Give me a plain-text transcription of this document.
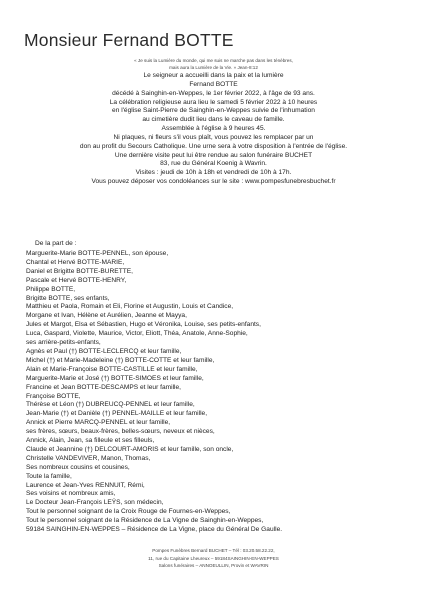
Monsieur Fernand BOTTE
« Je suis la Lumière du monde, qui me suis ne marche pas dans les ténèbres,
mais aura la Lumière de la Vie. » Jean-8:12
Le seigneur a accueilli dans la paix et la lumière
Fernand BOTTE
décédé à Sainghin-en-Weppes, le 1er février 2022, à l'âge de 93 ans.
La célébration religieuse aura lieu le samedi 5 février 2022 à 10 heures
en l'église Saint-Pierre de Sainghin-en-Weppes suivie de l'inhumation
au cimetière dudit lieu dans le caveau de famille.
Assemblée à l'église à 9 heures 45.
Ni plaques, ni fleurs s'il vous plaît, vous pouvez les remplacer par un
don au profit du Secours Catholique. Une urne sera à votre disposition à l'entrée de l'église.
Une dernière visite peut lui être rendue au salon funéraire BUCHET
83, rue du Général Koenig à Wavrin.
Visites : jeudi de 10h à 18h et vendredi de 10h à 17h.
Vous pouvez déposer vos condoléances sur le site : www.pompesfunebresbuchet.fr
De la part de :
Marguerite-Marie BOTTE-PENNEL, son épouse,
Chantal et Hervé BOTTE-MARIE,
Daniel et Brigitte BOTTE-BURETTE,
Pascale et Hervé BOTTE-HENRY,
Philippe BOTTE,
Brigitte BOTTE, ses enfants,
Matthieu et Paola, Romain et Eli, Florine et Augustin, Louis et Candice,
Morgane et Ivan, Hélène et Aurélien, Jeanne et Mayya,
Jules et Margot, Elsa et Sébastien, Hugo et Véronika, Louise, ses petits-enfants,
Luca, Gaspard, Violette, Maurice, Victor, Eliott, Théa, Anatole, Anne-Sophie,
ses arrière-petits-enfants,
Agnès et Paul (†) BOTTE-LECLERCQ et leur famille,
Michel (†) et Marie-Madeleine (†) BOTTE-COTTE et leur famille,
Alain et Marie-Françoise BOTTE-CASTILLE et leur famille,
Marguerite-Marie et José (†) BOTTE-SIMOES et leur famille,
Francine et Jean BOTTE-DESCAMPS et leur famille,
Françoise BOTTE,
Thérèse et Léon (†) DUBREUCQ-PENNEL et leur famille,
Jean-Marie (†) et Danièle (†) PENNEL-MAILLE et leur famille,
Annick et Pierre MARCQ-PENNEL et leur famille,
ses frères, sœurs, beaux-frères, belles-sœurs, neveux et nièces,
Annick, Alain, Jean, sa filleule et ses filleuls,
Claude et Jeannine (†) DELCOURT-AMORIS et leur famille, son oncle,
Christelle VANDEVIVER, Manon, Thomas,
Ses nombreux cousins et cousines,
Toute la famille,
Laurence et Jean-Yves RENNUIT, Rémi,
Ses voisins et nombreux amis,
Le Docteur Jean-François LEŸS, son médecin,
Tout le personnel soignant de la Croix Rouge de Fournes-en-Weppes,
Tout le personnel soignant de la Résidence de La Vigne de Sainghin-en-Weppes,
59184 SAINGHIN-EN-WEPPES – Résidence de La Vigne, place du Général De Gaulle.
Pompes Funèbres Bernard BUCHET – Tél : 03.20.58.22.22,
11, rue du Capitaine Lheureux – 59184SAINGHIN-EN-WEPPES
Salons funéraires – ANNOEULLIN, Provin et WAVRIN
